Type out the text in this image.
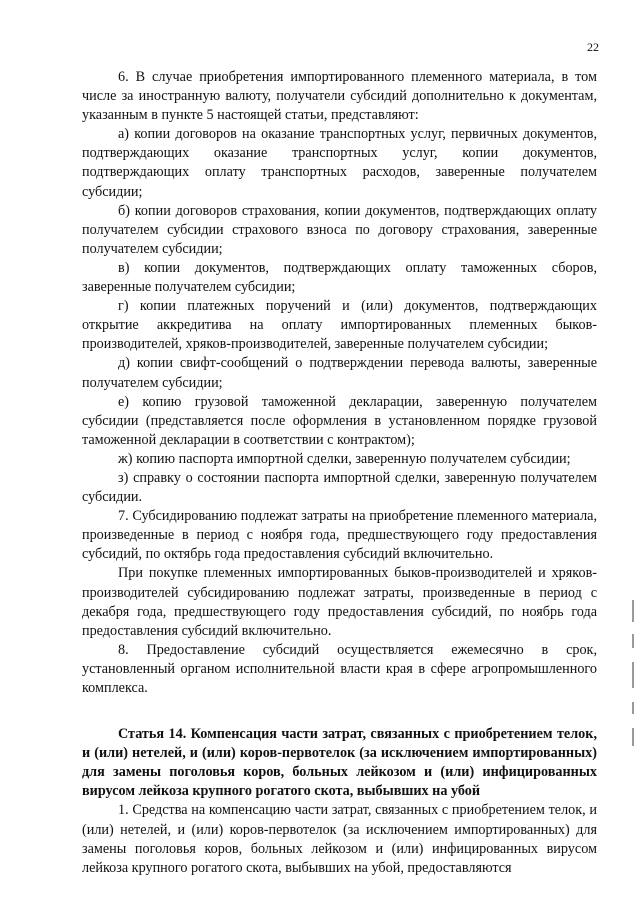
22

6. В случае приобретения импортированного племенного материала, в том числе за иностранную валюту, получатели субсидий дополнительно к документам, указанным в пункте 5 настоящей статьи, представляют:

а) копии договоров на оказание транспортных услуг, первичных документов, подтверждающих оказание транспортных услуг, копии документов, подтверждающих оплату транспортных расходов, заверенные получателем субсидии;

б) копии договоров страхования, копии документов, подтверждающих оплату получателем субсидии страхового взноса по договору страхования, заверенные получателем субсидии;

в) копии документов, подтверждающих оплату таможенных сборов, заверенные получателем субсидии;

г) копии платежных поручений и (или) документов, подтверждающих открытие аккредитива на оплату импортированных племенных быков-производителей, хряков-производителей, заверенные получателем субсидии;

д) копии свифт-сообщений о подтверждении перевода валюты, заверенные получателем субсидии;

е) копию грузовой таможенной декларации, заверенную получателем субсидии (представляется после оформления в установленном порядке грузовой таможенной декларации в соответствии с контрактом);

ж) копию паспорта импортной сделки, заверенную получателем субсидии;

з) справку о состоянии паспорта импортной сделки, заверенную получателем субсидии.

7. Субсидированию подлежат затраты на приобретение племенного материала, произведенные в период с ноября года, предшествующего году предоставления субсидий, по октябрь года предоставления субсидий включительно.

При покупке племенных импортированных быков-производителей и хряков-производителей субсидированию подлежат затраты, произведенные в период с декабря года, предшествующего году предоставления субсидий, по ноябрь года предоставления субсидий включительно.

8. Предоставление субсидий осуществляется ежемесячно в срок, установленный органом исполнительной власти края в сфере агропромышленного комплекса.

Статья 14. Компенсация части затрат, связанных с приобретением телок, и (или) нетелей, и (или) коров-первотелок (за исключением импортированных) для замены поголовья коров, больных лейкозом и (или) инфицированных вирусом лейкоза крупного рогатого скота, выбывших на убой

1. Средства на компенсацию части затрат, связанных с приобретением телок, и (или) нетелей, и (или) коров-первотелок (за исключением импортированных) для замены поголовья коров, больных лейкозом и (или) инфицированных вирусом лейкоза крупного рогатого скота, выбывших на убой, предоставляются
